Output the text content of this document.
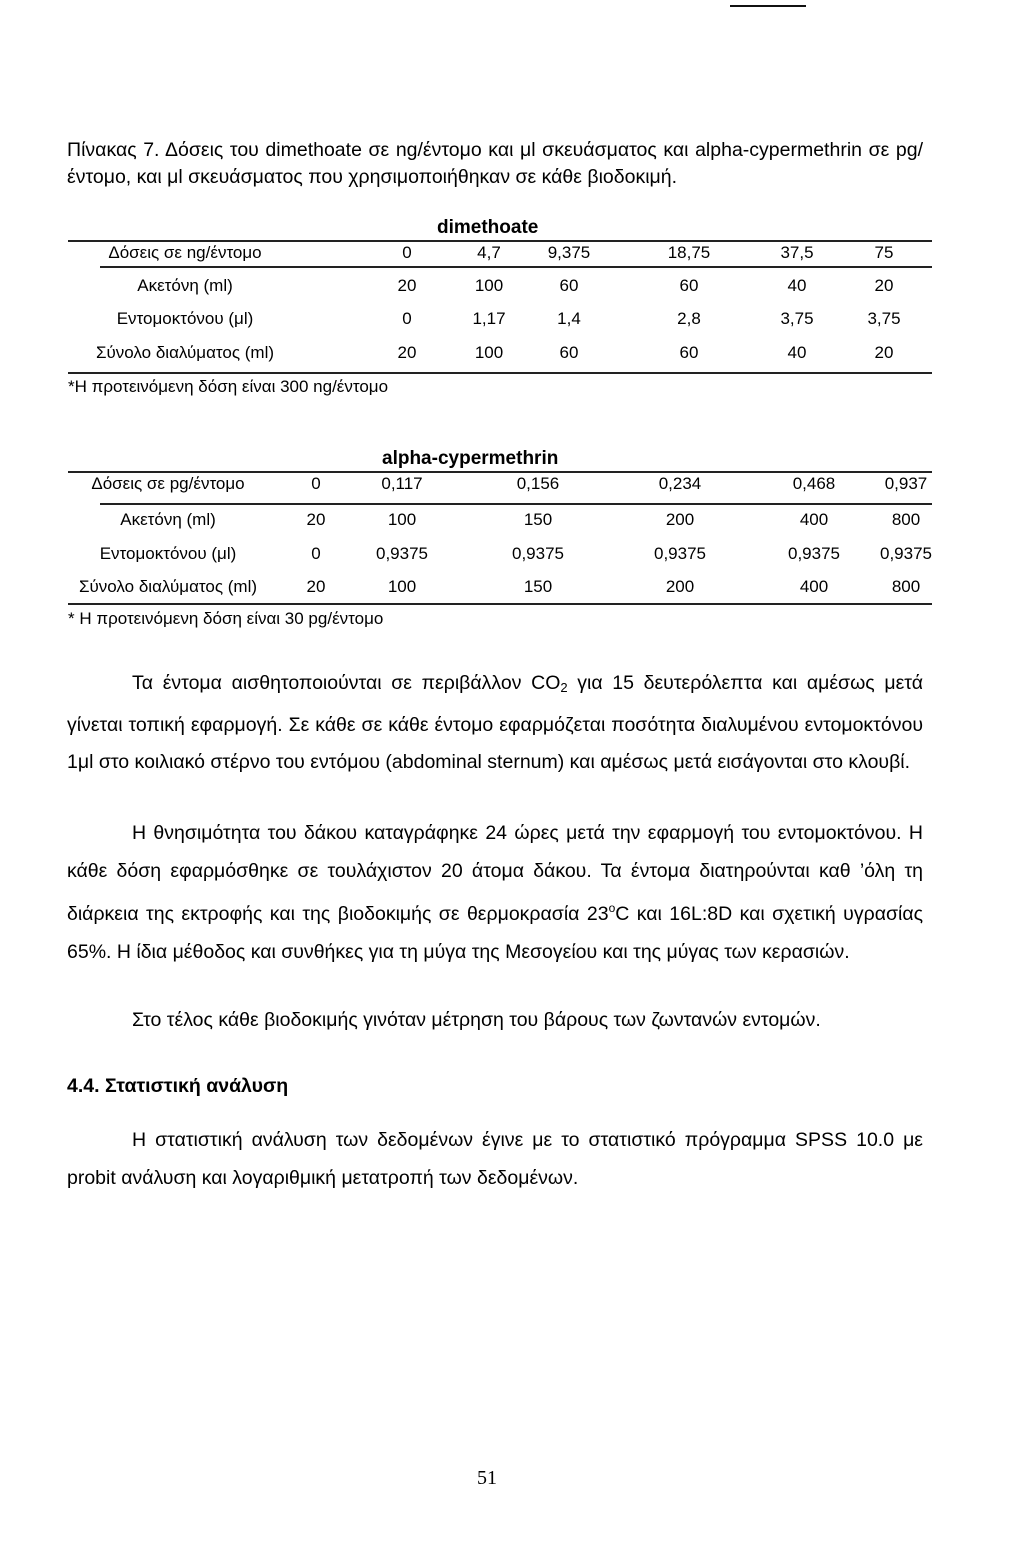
Πίνακας 7. Δόσεις του dimethoate σε ng/έντομο και μl σκευάσματος και alpha-cypermethrin σε pg/έντομο, και μl σκευάσματος που χρησιμοποιήθηκαν σε κάθε βιοδοκιμή.
dimethoate
Δόσεις σε ng/έντομο	0	4,7	9,375	18,75	37,5	75
Ακετόνη (ml)	20	100	60	60	40	20
Εντομοκτόνου (μl)	0	1,17	1,4	2,8	3,75	3,75
Σύνολο διαλύματος (ml)	20	100	60	60	40	20
*Η προτεινόμενη δόση είναι 300 ng/έντομο
alpha-cypermethrin
Δόσεις σε pg/έντομο	0	0,117	0,156	0,234	0,468	0,937
Ακετόνη (ml)	20	100	150	200	400	800
Εντομοκτόνου (μl)	0	0,9375	0,9375	0,9375	0,9375	0,9375
Σύνολο διαλύματος (ml)	20	100	150	200	400	800
* Η προτεινόμενη δόση είναι 30 pg/έντομο
Τα έντομα αισθητοποιούνται σε περιβάλλον $CO_2$ για 15 δευτερόλεπτα και αμέσως μετά γίνεται τοπική εφαρμογή. Σε κάθε σε κάθε έντομο εφαρμόζεται ποσότητα διαλυμένου εντομοκτόνου 1μl στο κοιλιακό στέρνο του εντόμου (abdominal sternum) και αμέσως μετά εισάγονται στο κλουβί.
Η θνησιμότητα του δάκου καταγράφηκε 24 ώρες μετά την εφαρμογή του εντομοκτόνου. Η κάθε δόση εφαρμόσθηκε σε τουλάχιστον 20 άτομα δάκου. Τα έντομα διατηρούνται καθ ’όλη τη διάρκεια της εκτροφής και της βιοδοκιμής σε θερμοκρασία 23$^o$C και 16L:8D και σχετική υγρασίας 65%. Η ίδια μέθοδος και συνθήκες για τη μύγα της Μεσογείου και της μύγας των κερασιών.
Στο τέλος κάθε βιοδοκιμής γινόταν μέτρηση του βάρους των ζωντανών εντομών.
4.4. Στατιστική ανάλυση
Η στατιστική ανάλυση των δεδομένων έγινε με το στατιστικό πρόγραμμα SPSS 10.0 με probit ανάλυση και λογαριθμική μετατροπή των δεδομένων.
51
